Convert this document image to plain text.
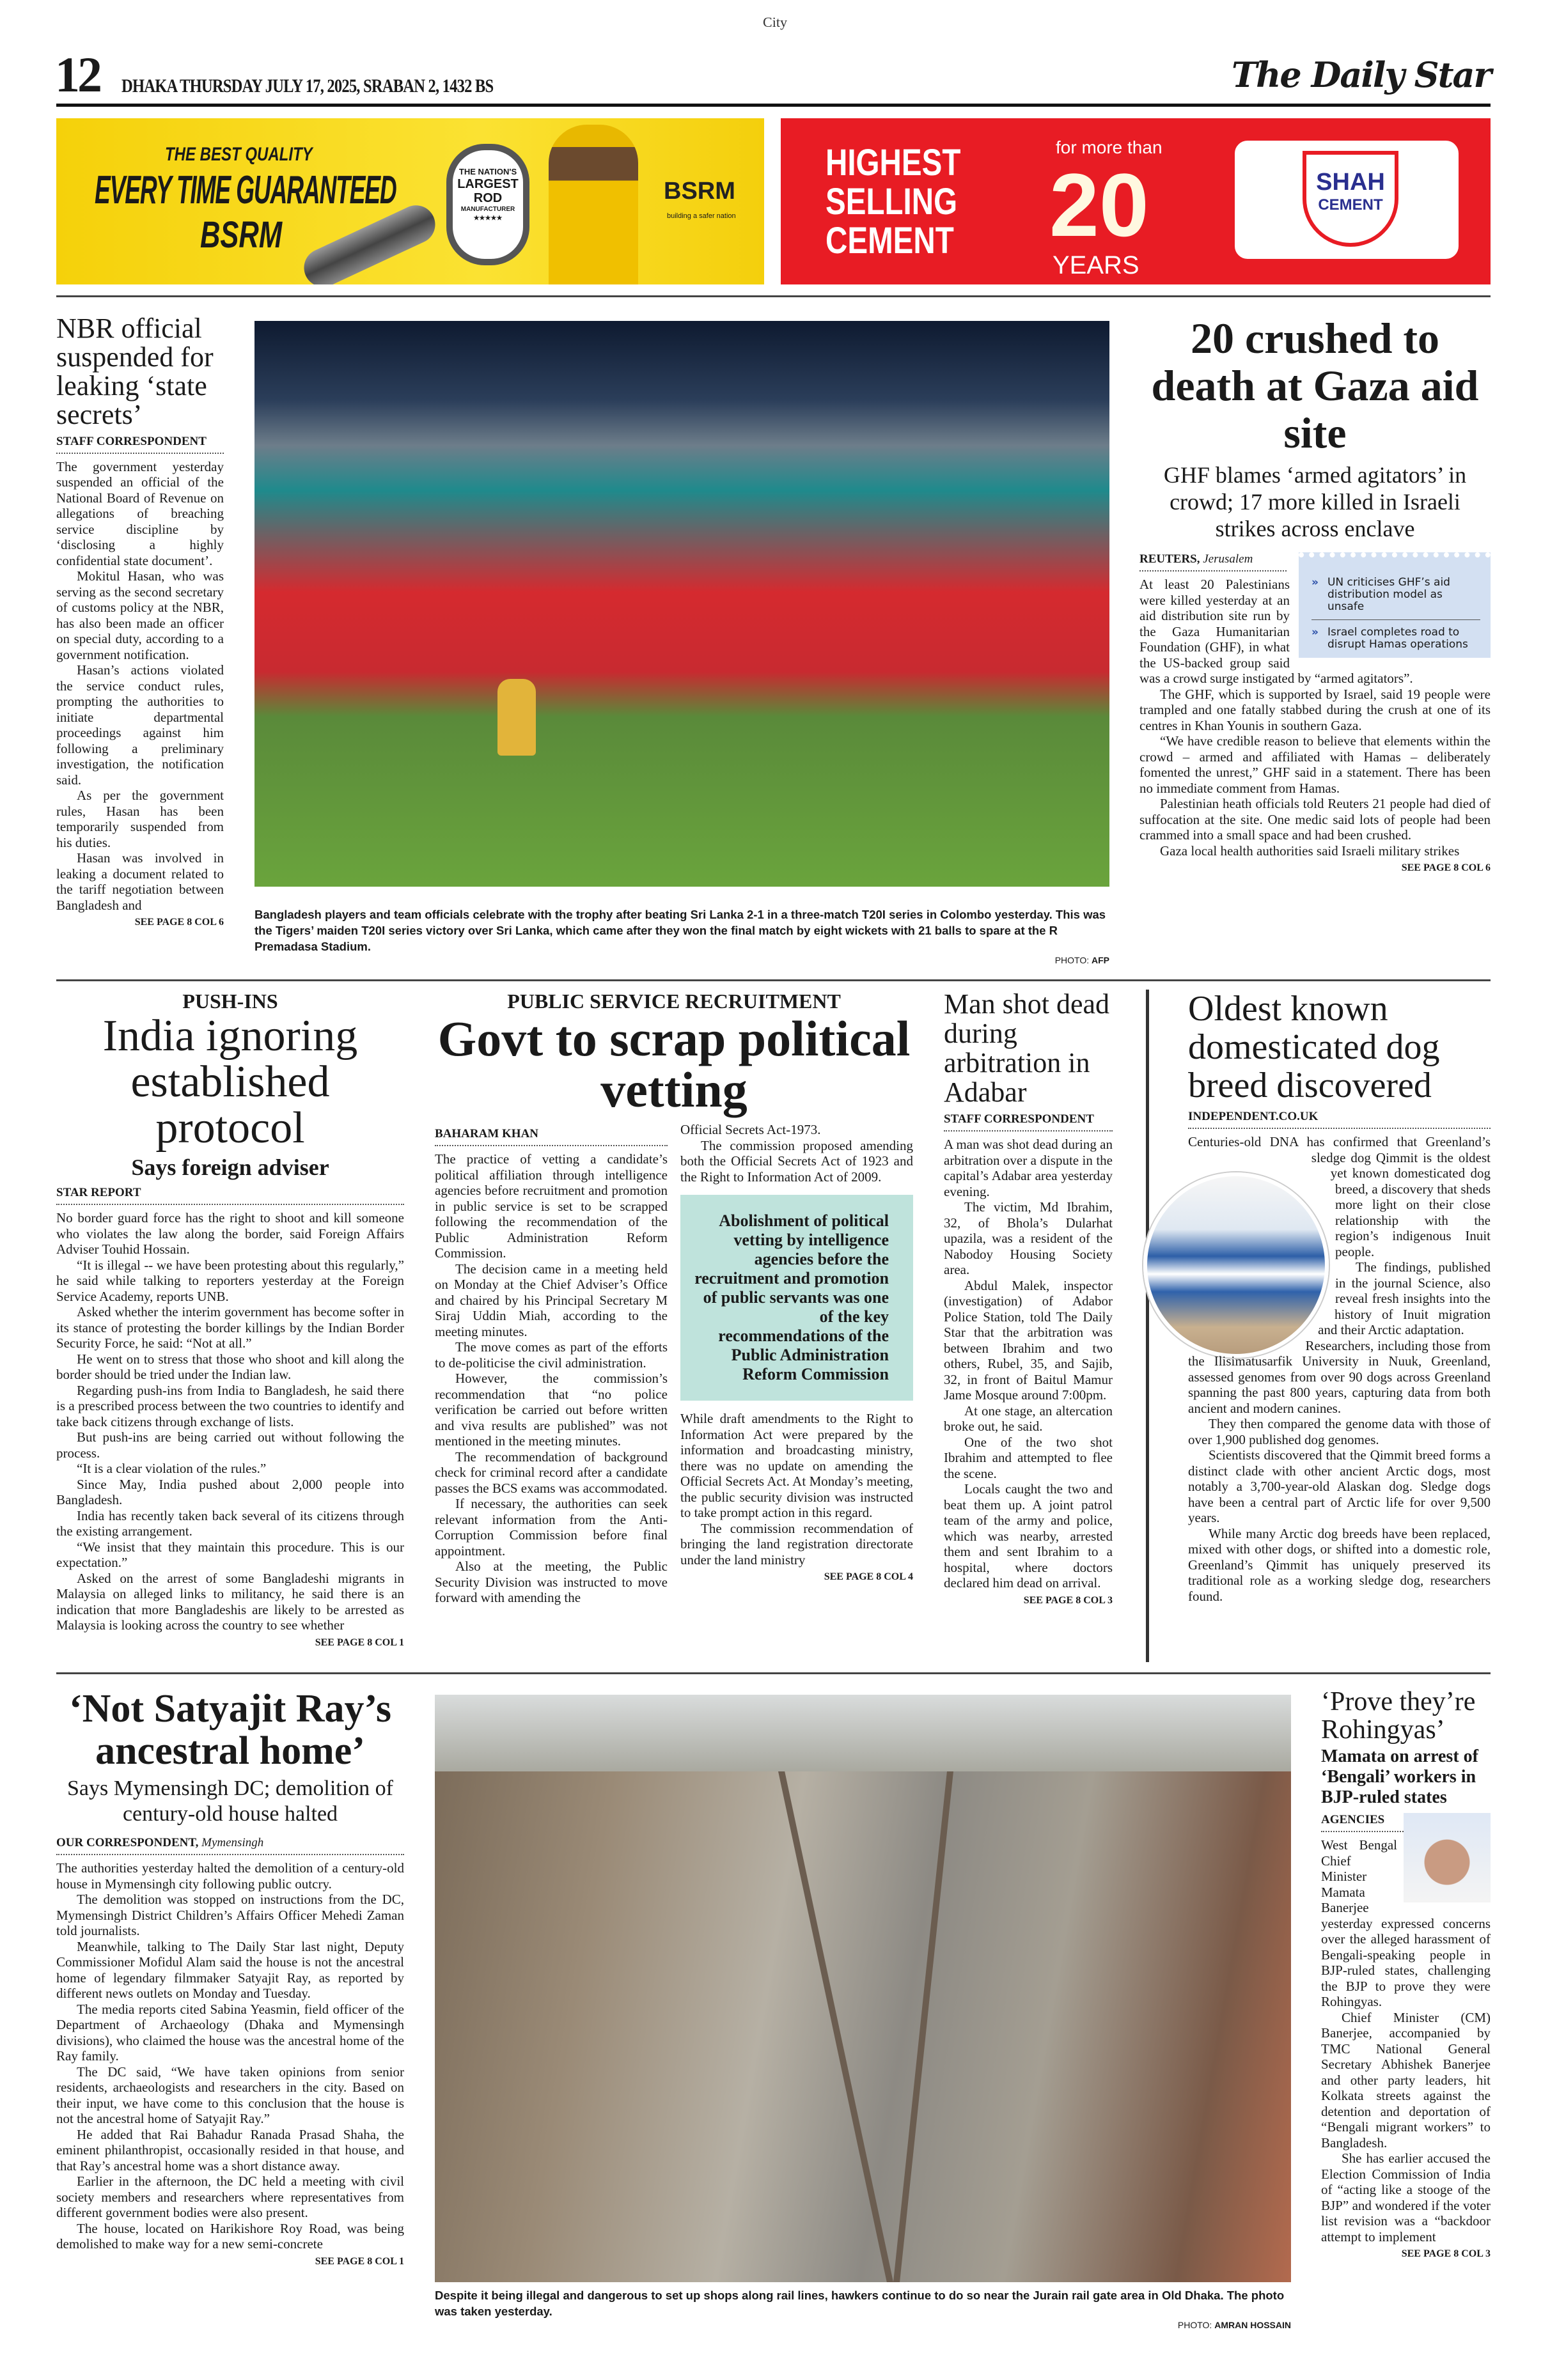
City
12 DHAKA THURSDAY JULY 17, 2025, SRABAN 2, 1432 BS	The Daily Star
THE BEST QUALITY
EVERY TIME GUARANTEED
BSRM
THE NATION'S
LARGEST ROD
MANUFACTURER
★★★★★
BSRM
building a safer nation
HIGHEST
SELLING
CEMENT
for more than
20
YEARS
SHAH
CEMENT
NBR official suspended for leaking ‘state secrets’
STAFF CORRESPONDENT

The government yesterday suspended an official of the National Board of Revenue on allegations of breaching service discipline by ‘disclosing a highly confidential state document’.

Mokitul Hasan, who was serving as the second secretary of customs policy at the NBR, has also been made an officer on special duty, according to a government notification.

Hasan’s actions violated the service conduct rules, prompting the authorities to initiate departmental proceedings against him following a preliminary investigation, the notification said.

As per the government rules, Hasan has been temporarily suspended from his duties.

Hasan was involved in leaking a document related to the tariff negotiation between Bangladesh and

SEE PAGE 8 COL 6
Bangladesh players and team officials celebrate with the trophy after beating Sri Lanka 2-1 in a three-match T20I series in Colombo yesterday. This was the Tigers’ maiden T20I series victory over Sri Lanka, which came after they won the final match by eight wickets with 21 balls to spare at the R Premadasa Stadium.
PHOTO: AFP
20 crushed to death at Gaza aid site
GHF blames ‘armed agitators’ in crowd; 17 more killed in Israeli strikes across enclave
» UN criticises GHF’s aid distribution model as unsafe
» Israel completes road to disrupt Hamas operations
REUTERS, Jerusalem

At least 20 Palestinians were killed yesterday at an aid distribution site run by the Gaza Humanitarian Foundation (GHF), in what the US-backed group said was a crowd surge instigated by “armed agitators”.

The GHF, which is supported by Israel, said 19 people were trampled and one fatally stabbed during the crush at one of its centres in Khan Younis in southern Gaza.

“We have credible reason to believe that elements within the crowd – armed and affiliated with Hamas – deliberately fomented the unrest,” GHF said in a statement. There has been no immediate comment from Hamas.

Palestinian heath officials told Reuters 21 people had died of suffocation at the site. One medic said lots of people had been crammed into a small space and had been crushed.

Gaza local health authorities said Israeli military strikes

SEE PAGE 8 COL 6
PUSH-INS
India ignoring established protocol
Says foreign adviser
STAR REPORT

No border guard force has the right to shoot and kill someone who violates the law along the border, said Foreign Affairs Adviser Touhid Hossain.

“It is illegal -- we have been protesting about this regularly,” he said while talking to reporters yesterday at the Foreign Service Academy, reports UNB.

Asked whether the interim government has become softer in its stance of protesting the border killings by the Indian Border Security Force, he said: “Not at all.”

He went on to stress that those who shoot and kill along the border should be tried under the Indian law.

Regarding push-ins from India to Bangladesh, he said there is a prescribed process between the two countries to identify and take back citizens through exchange of lists.

But push-ins are being carried out without following the process.

“It is a clear violation of the rules.”

Since May, India pushed about 2,000 people into Bangladesh.

India has recently taken back several of its citizens through the existing arrangement.

“We insist that they maintain this procedure. This is our expectation.”

Asked on the arrest of some Bangladeshi migrants in Malaysia on alleged links to militancy, he said there is an indication that more Bangladeshis are likely to be arrested as Malaysia is looking across the country to see whether

SEE PAGE 8 COL 1
PUBLIC SERVICE RECRUITMENT
Govt to scrap political vetting
BAHARAM KHAN

The practice of vetting a candidate’s political affiliation through intelligence agencies before recruitment and promotion in public service is set to be scrapped following the recommendation of the Public Administration Reform Commission.

The decision came in a meeting held on Monday at the Chief Adviser’s Office and chaired by his Principal Secretary M Siraj Uddin Miah, according to the meeting minutes.

The move comes as part of the efforts to de-politicise the civil administration.

However, the commission’s recommendation that “no police verification be carried out before written and viva results are published” was not mentioned in the meeting minutes.

The recommendation of background check for criminal record after a candidate passes the BCS exams was accommodated.

If necessary, the authorities can seek relevant information from the Anti-Corruption Commission before final appointment.

Also at the meeting, the Public Security Division was instructed to move forward with amending the

Official Secrets Act-1973.

The commission proposed amending both the Official Secrets Act of 1923 and the Right to Information Act of 2009.

Abolishment of political vetting by intelligence agencies before the recruitment and promotion of public servants was one of the key recommendations of the Public Administration Reform Commission

While draft amendments to the Right to Information Act were prepared by the information and broadcasting ministry, there was no update on amending the Official Secrets Act. At Monday’s meeting, the public security division was instructed to take prompt action in this regard.

The commission recommendation of bringing the land registration directorate under the land ministry

SEE PAGE 8 COL 4
Man shot dead during arbitration in Adabar
STAFF CORRESPONDENT

A man was shot dead during an arbitration over a dispute in the capital’s Adabar area yesterday evening.

The victim, Md Ibrahim, 32, of Bhola’s Dularhat upazila, was a resident of the Nabodoy Housing Society area.

Abdul Malek, inspector (investigation) of Adabor Police Station, told The Daily Star that the arbitration was between Ibrahim and two others, Rubel, 35, and Sajib, 32, in front of Baitul Mamur Jame Mosque around 7:00pm.

At one stage, an altercation broke out, he said.

One of the two shot Ibrahim and attempted to flee the scene.

Locals caught the two and beat them up. A joint patrol team of the army and police, which was nearby, arrested them and sent Ibrahim to a hospital, where doctors declared him dead on arrival.

SEE PAGE 8 COL 3
Oldest known domesticated dog breed discovered
INDEPENDENT.CO.UK

Centuries-old DNA has confirmed that Greenland’s sledge dog Qimmit is the oldest yet known domesticated dog breed, a discovery that sheds more light on their close relationship with the region’s indigenous Inuit people.

The findings, published in the journal Science, also reveal fresh insights into the history of Inuit migration and their Arctic adaptation.

Researchers, including those from the Ilisimatusarfik University in Nuuk, Greenland, assessed genomes from over 90 dogs across Greenland spanning the past 800 years, capturing data from both ancient and modern canines.

They then compared the genome data with those of over 1,900 published dog genomes.

Scientists discovered that the Qimmit breed forms a distinct clade with other ancient Arctic dogs, most notably a 3,700-year-old Alaskan dog. Sledge dogs have been a central part of Arctic life for over 9,500 years.

While many Arctic dog breeds have been replaced, mixed with other dogs, or shifted into a domestic role, Greenland’s Qimmit has uniquely preserved its traditional role as a working sledge dog, researchers found.

‘Not Satyajit Ray’s ancestral home’
Says Mymensingh DC; demolition of century-old house halted
OUR CORRESPONDENT, Mymensingh

The authorities yesterday halted the demolition of a century-old house in Mymensingh city following public outcry.

The demolition was stopped on instructions from the DC, Mymensingh District Children’s Affairs Officer Mehedi Zaman told journalists.

Meanwhile, talking to The Daily Star last night, Deputy Commissioner Mofidul Alam said the house is not the ancestral home of legendary filmmaker Satyajit Ray, as reported by different news outlets on Monday and Tuesday.

The media reports cited Sabina Yeasmin, field officer of the Department of Archaeology (Dhaka and Mymensingh divisions), who claimed the house was the ancestral home of the Ray family.

The DC said, “We have taken opinions from senior residents, archaeologists and researchers in the city. Based on their input, we have come to this conclusion that the house is not the ancestral home of Satyajit Ray.”

He added that Rai Bahadur Ranada Prasad Shaha, the eminent philanthropist, occasionally resided in that house, and that Ray’s ancestral home was a short distance away.

Earlier in the afternoon, the DC held a meeting with civil society members and researchers where representatives from different government bodies were also present.

The house, located on Harikishore Roy Road, was being demolished to make way for a new semi-concrete

SEE PAGE 8 COL 1
Despite it being illegal and dangerous to set up shops along rail lines, hawkers continue to do so near the Jurain rail gate area in Old Dhaka. The photo was taken yesterday.
PHOTO: AMRAN HOSSAIN
‘Prove they’re Rohingyas’
Mamata on arrest of ‘Bengali’ workers in BJP-ruled states
AGENCIES

West Bengal Chief Minister Mamata Banerjee yesterday expressed concerns over the alleged harassment of Bengali-speaking people in BJP-ruled states, challenging the BJP to prove they were Rohingyas.

Chief Minister (CM) Banerjee, accompanied by TMC National General Secretary Abhishek Banerjee and other party leaders, hit Kolkata streets against the detention and deportation of “Bengali migrant workers” to Bangladesh.

She has earlier accused the Election Commission of India of “acting like a stooge of the BJP” and wondered if the voter list revision was a “backdoor attempt to implement

SEE PAGE 8 COL 3
